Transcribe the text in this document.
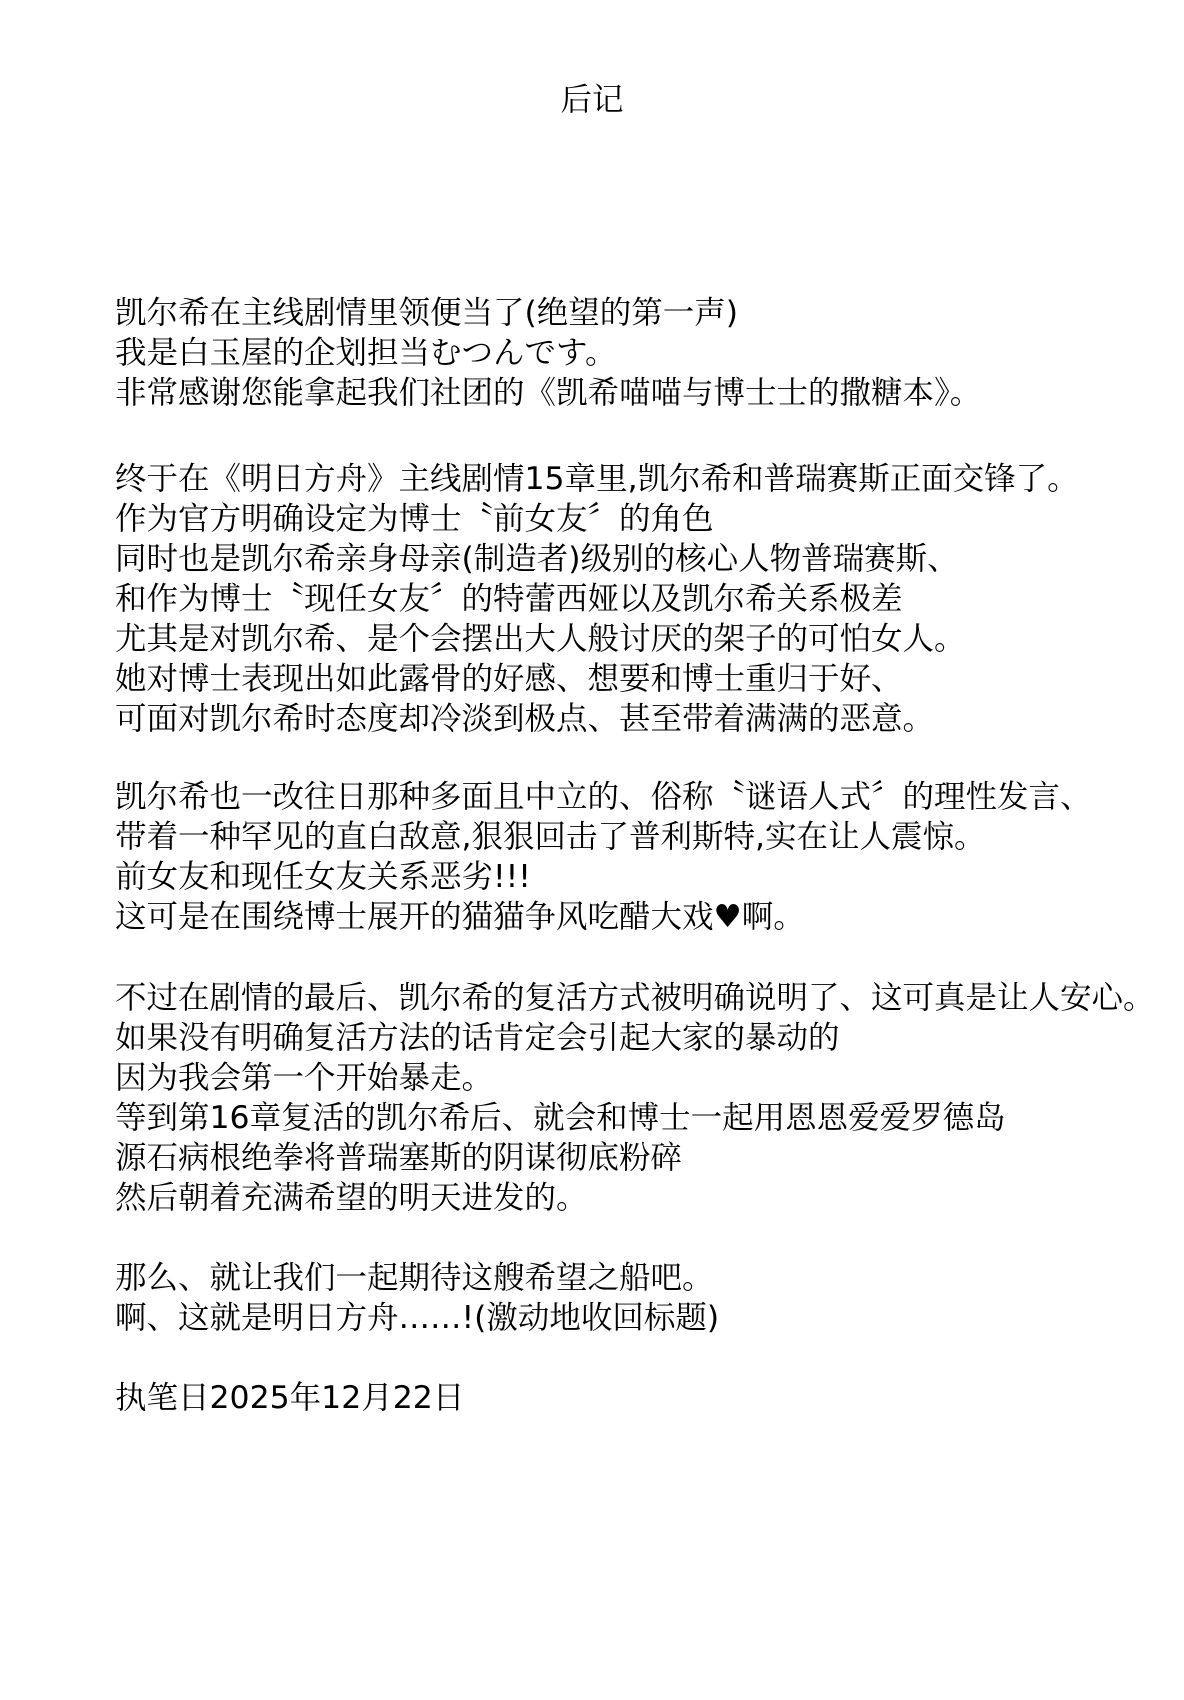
后记
凯尔希在主线剧情里领便当了(绝望的第一声)
我是白玉屋的企划担当むつんです。
非常感谢您能拿起我们社团的《凯希喵喵与博士士的撒糖本》。
终于在《明日方舟》主线剧情15章里,凯尔希和普瑞赛斯正面交锋了。
作为官方明确设定为博士〝前女友〞的角色
同时也是凯尔希亲身母亲(制造者)级别的核心人物普瑞赛斯、
和作为博士〝现任女友〞的特蕾西娅以及凯尔希关系极差
尤其是对凯尔希、是个会摆出大人般讨厌的架子的可怕女人。
她对博士表现出如此露骨的好感、想要和博士重归于好、
可面对凯尔希时态度却冷淡到极点、甚至带着满满的恶意。
凯尔希也一改往日那种多面且中立的、俗称〝谜语人式〞的理性发言、
带着一种罕见的直白敌意,狠狠回击了普利斯特,实在让人震惊。
前女友和现任女友关系恶劣!!!
这可是在围绕博士展开的猫猫争风吃醋大戏♥啊。
不过在剧情的最后、凯尔希的复活方式被明确说明了、这可真是让人安心。
如果没有明确复活方法的话肯定会引起大家的暴动的
因为我会第一个开始暴走。
等到第16章复活的凯尔希后、就会和博士一起用恩恩爱爱罗德岛
源石病根绝拳将普瑞塞斯的阴谋彻底粉碎
然后朝着充满希望的明天进发的。
那么、就让我们一起期待这艘希望之船吧。
啊、这就是明日方舟……!(激动地收回标题)
执笔日2025年12月22日
